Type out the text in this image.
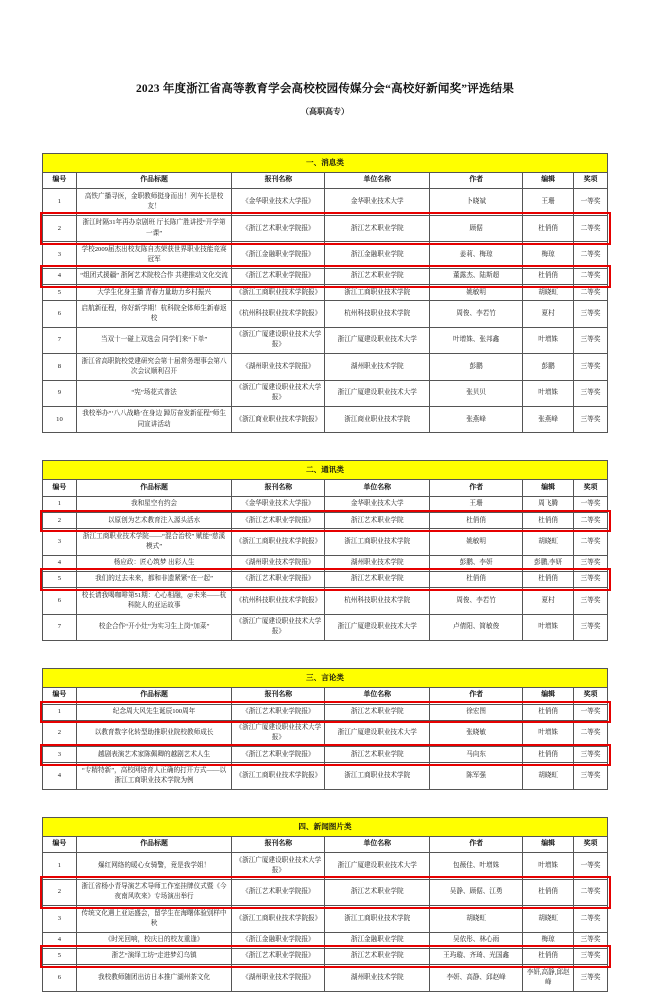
2023 年度浙江省高等教育学会高校校园传媒分会“高校好新闻奖”评选结果
（高职高专）
一、消息类						
编号	作品标题	报刊名称	单位名称	作者	编辑	奖项
1	高铁广播寻医，金职教师挺身而出！列车长是校友！	《金华职业技术大学报》	金华职业技术大学	卜晓斌	王珊	一等奖
2	浙江时隔31年再办京剧班 厅长陈广胜讲授“开学第一课”	《浙江艺术职业学院报》	浙江艺术职业学院	顾倨	杜俏俏	二等奖
3	学校2009届杰出校友陈自杰荣获世界职业技能竞赛冠军	《浙江金融职业学院报》	浙江金融职业学院	姜莉、梅琼	梅琼	二等奖
4	“组团式援疆” 浙阿艺术院校合作 共建推动文化交流	《浙江艺术职业学院报》	浙江艺术职业学院	董露杰、陆斯超	杜俏俏	二等奖
5	大学生化身主播 青春力量助力乡村振兴	《浙江工商职业技术学院报》	浙江工商职业技术学院	姚敏明	胡晓虹	二等奖
6	启航新征程，你好新学期！杭科院全体师生新春返校	《杭州科技职业技术学院报》	杭州科技职业技术学院	周俊、李若竹	夏村	三等奖
7	当双十一碰上双选会 同学们来“下单”	《浙江广厦建设职业技术大学报》	浙江广厦建设职业技术大学	叶增姝、张邦鑫	叶增姝	三等奖
8	浙江省高职院校党建研究会第十届常务理事会第八次会议顺利召开	《湖州职业技术学院报》	湖州职业技术学院	彭鹏	彭鹏	三等奖
9	“宪”场花式普法	《浙江广厦建设职业技术大学报》	浙江广厦建设职业技术大学	张贝贝	叶增姝	三等奖
10	我校举办“‘八八战略’在身边 踔厉奋发新征程”师生同宣讲活动	《浙江商业职业技术学院报》	浙江商业职业技术学院	张燕峰	张燕峰	三等奖
二、通讯类						
编号	作品标题	报刊名称	单位名称	作者	编辑	奖项
1	我和星空有约会	《金华职业技术大学报》	金华职业技术大学	王珊	周飞腾	一等奖
2	以原创为艺术教育注入源头活水	《浙江艺术职业学院报》	浙江艺术职业学院	杜俏俏	杜俏俏	二等奖
3	浙江工商职业技术学院——“混合治校” 赋能“慈溪模式”	《浙江工商职业技术学院报》	浙江工商职业技术学院	姚敏明	胡晓虹	二等奖
4	杨应政：匠心筑梦 出彩人生	《湖州职业技术学院报》	湖州职业技术学院	彭鹏、李妍	彭鹏,李妍	三等奖
5	我们的过去未来，都和非遗紧紧“在一起”	《浙江艺术职业学院报》	浙江艺术职业学院	杜俏俏	杜俏俏	三等奖
6	校长请我喝咖啡第51期：心心相融，@未来——杭科院人的亚运故事	《杭州科技职业技术学院报》	杭州科技职业技术学院	周俊、李若竹	夏村	三等奖
7	校企合作“开小灶”为实习生上岗“加菜”	《浙江广厦建设职业技术大学报》	浙江广厦建设职业技术大学	卢倩阳、简敏俊	叶增姝	三等奖
三、言论类						
编号	作品标题	报刊名称	单位名称	作者	编辑	奖项
1	纪念周大风先生诞辰100周年	《浙江艺术职业学院报》	浙江艺术职业学院	徐宏图	杜俏俏	一等奖
2	以教育数字化转型助推职业院校教师成长	《浙江广厦建设职业技术大学报》	浙江广厦建设职业技术大学	张晓敏	叶增姝	二等奖
3	越剧表演艺术家陈佩卿的越剧艺术人生	《浙江艺术职业学院报》	浙江艺术职业学院	马向东	杜俏俏	三等奖
4	“专精特新”，高校网络育人正确的打开方式——以浙江工商职业技术学院为例	《浙江工商职业技术学院报》	浙江工商职业技术学院	陈军强	胡晓虹	三等奖
四、新闻图片类						
编号	作品标题	报刊名称	单位名称	作者	编辑	奖项
1	爆红网络的暖心女骑警，竟是我学姐！	《浙江广厦建设职业技术大学报》	浙江广厦建设职业技术大学	包薇佳、叶增姝	叶增姝	一等奖
2	浙江省杨小青导演艺术导师工作室挂牌仪式暨《今夜南风吹来》专场演出举行	《浙江艺术职业学院报》	浙江艺术职业学院	吴静、顾倨、江勇	杜俏俏	二等奖
3	传统文化遇上亚运盛会，留学生在海曙体验别样中秋	《浙江工商职业技术学院报》	浙江工商职业技术学院	胡晓虹	胡晓虹	二等奖
4	《时光回响，校庆日的校友重逢》	《浙江金融职业学院报》	浙江金融职业学院	吴依彤、林心雨	梅琼	三等奖
5	浙艺“演绎工坊”走进梦幻乌镇	《浙江艺术职业学院报》	浙江艺术职业学院	王玙璇、齐琦、光国鑫	杜俏俏	三等奖
6	我校教师随团出访日本推广湖州茶文化	《湖州职业技术学院报》	湖州职业技术学院	李妍、高静、邱赵峰	李妍,高静,邱赵峰	三等奖
